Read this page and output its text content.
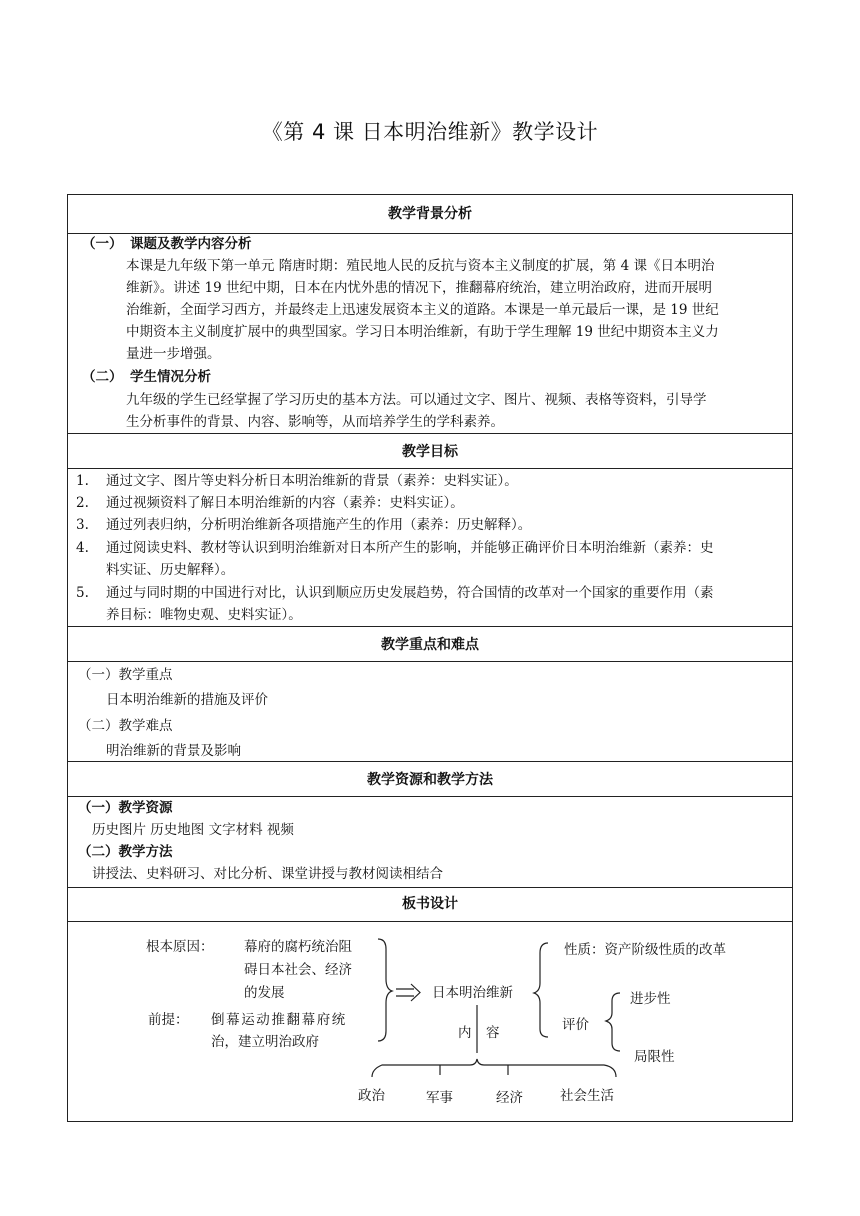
《第 4 课 日本明治维新》教学设计
教学背景分析
（一） 课题及教学内容分析
本课是九年级下第一单元 隋唐时期：殖民地人民的反抗与资本主义制度的扩展，第 4 课《日本明治
维新》。讲述 19 世纪中期，日本在内忧外患的情况下，推翻幕府统治，建立明治政府，进而开展明
治维新，全面学习西方，并最终走上迅速发展资本主义的道路。本课是一单元最后一课，是 19 世纪
中期资本主义制度扩展中的典型国家。学习日本明治维新，有助于学生理解 19 世纪中期资本主义力
量进一步增强。
（二） 学生情况分析
九年级的学生已经掌握了学习历史的基本方法。可以通过文字、图片、视频、表格等资料，引导学
生分析事件的背景、内容、影响等，从而培养学生的学科素养。
教学目标
1. 通过文字、图片等史料分析日本明治维新的背景（素养：史料实证）。
2. 通过视频资料了解日本明治维新的内容（素养：史料实证）。
3. 通过列表归纳，分析明治维新各项措施产生的作用（素养：历史解释）。
4. 通过阅读史料、教材等认识到明治维新对日本所产生的影响，并能够正确评价日本明治维新（素养：史
料实证、历史解释）。
5. 通过与同时期的中国进行对比，认识到顺应历史发展趋势，符合国情的改革对一个国家的重要作用（素
养目标：唯物史观、史料实证）。
教学重点和难点
（一）教学重点
日本明治维新的措施及评价
（二）教学难点
明治维新的背景及影响
教学资源和教学方法
（一）教学资源
历史图片 历史地图 文字材料 视频
（二）教学方法
讲授法、史料研习、对比分析、课堂讲授与教材阅读相结合
板书设计
根本原因： 幕府的腐朽统治阻
碍日本社会、经济
的发展
前提： 倒幕运动推翻幕府统
治，建立明治政府
日本明治维新
内 容
性质：资产阶级性质的改革
评价
进步性
局限性
政治	军事	经济	社会生活
